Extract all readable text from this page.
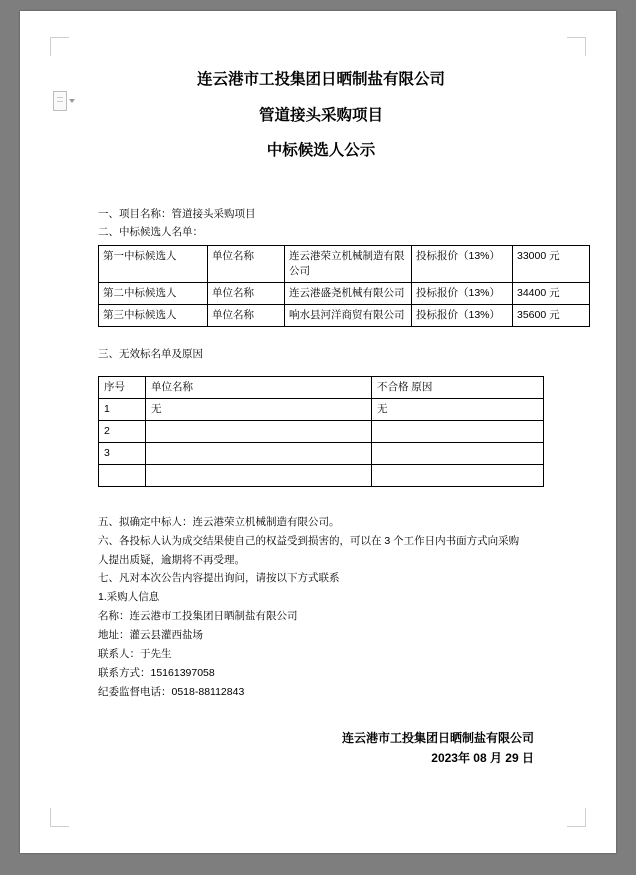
连云港市工投集团日晒制盐有限公司
管道接头采购项目
中标候选人公示
一、项目名称：管道接头采购项目
二、中标候选人名单：
第一中标候选人	单位名称	连云港荣立机械制造有限公司	投标报价（13%）	33000 元
第二中标候选人	单位名称	连云港盛尧机械有限公司	投标报价（13%）	34400 元
第三中标候选人	单位名称	响水县河洋商贸有限公司	投标报价（13%）	35600 元
三、无效标名单及原因
序号	单位名称	不合格 原因
1	无	无
2		
3		

五、拟确定中标人：连云港荣立机械制造有限公司。
六、各投标人认为成交结果使自己的权益受到损害的，可以在 3 个工作日内书面方式向采购
人提出质疑，逾期将不再受理。
七、凡对本次公告内容提出询问，请按以下方式联系
1.采购人信息
名称：连云港市工投集团日晒制盐有限公司
地址：灌云县灌西盐场
联系人：于先生
联系方式：15161397058
纪委监督电话：0518-88112843
连云港市工投集团日晒制盐有限公司
2023年 08 月 29 日
